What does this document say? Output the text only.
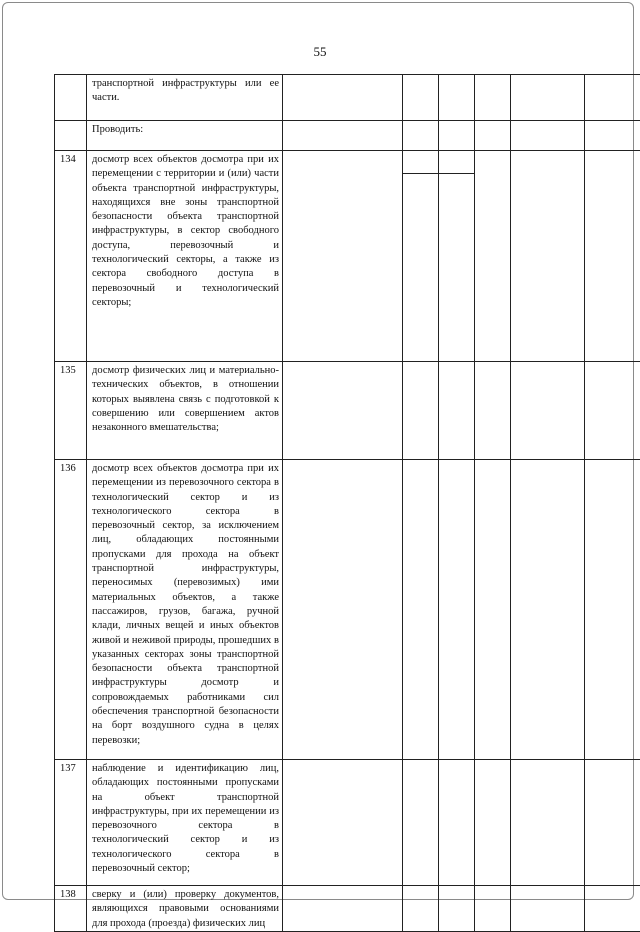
55

	транспортной инфраструктуры или ее части.						

	Проводить:						

134	досмотр всех объектов досмотра при их перемещении с территории и (или) части объекта транспортной инфраструктуры, находящихся вне зоны транспортной безопасности объекта транспортной инфраструктуры, в сектор свободного доступа, перевозочный и технологический секторы, а также из сектора свободного доступа в перевозочный и технологический секторы;						

135	досмотр физических лиц и материально-технических объектов, в отношении которых выявлена связь с подготовкой к совершению или совершением актов незаконного вмешательства;						

136	досмотр всех объектов досмотра при их перемещении из перевозочного сектора в технологический сектор и из технологического сектора в перевозочный сектор, за исключением лиц, обладающих постоянными пропусками для прохода на объект транспортной инфраструктуры, переносимых (перевозимых) ими материальных объектов, а также пассажиров, грузов, багажа, ручной клади, личных вещей и иных объектов живой и неживой природы, прошедших в указанных секторах зоны транспортной безопасности объекта транспортной инфраструктуры досмотр и сопровождаемых работниками сил обеспечения транспортной безопасности на борт воздушного судна в целях перевозки;						

137	наблюдение и идентификацию лиц, обладающих постоянными пропусками на объект транспортной инфраструктуры, при их перемещении из перевозочного сектора в технологический сектор и из технологического сектора в перевозочный сектор;						

138	сверку и (или) проверку документов, являющихся правовыми основаниями для прохода (проезда) физических лиц						
